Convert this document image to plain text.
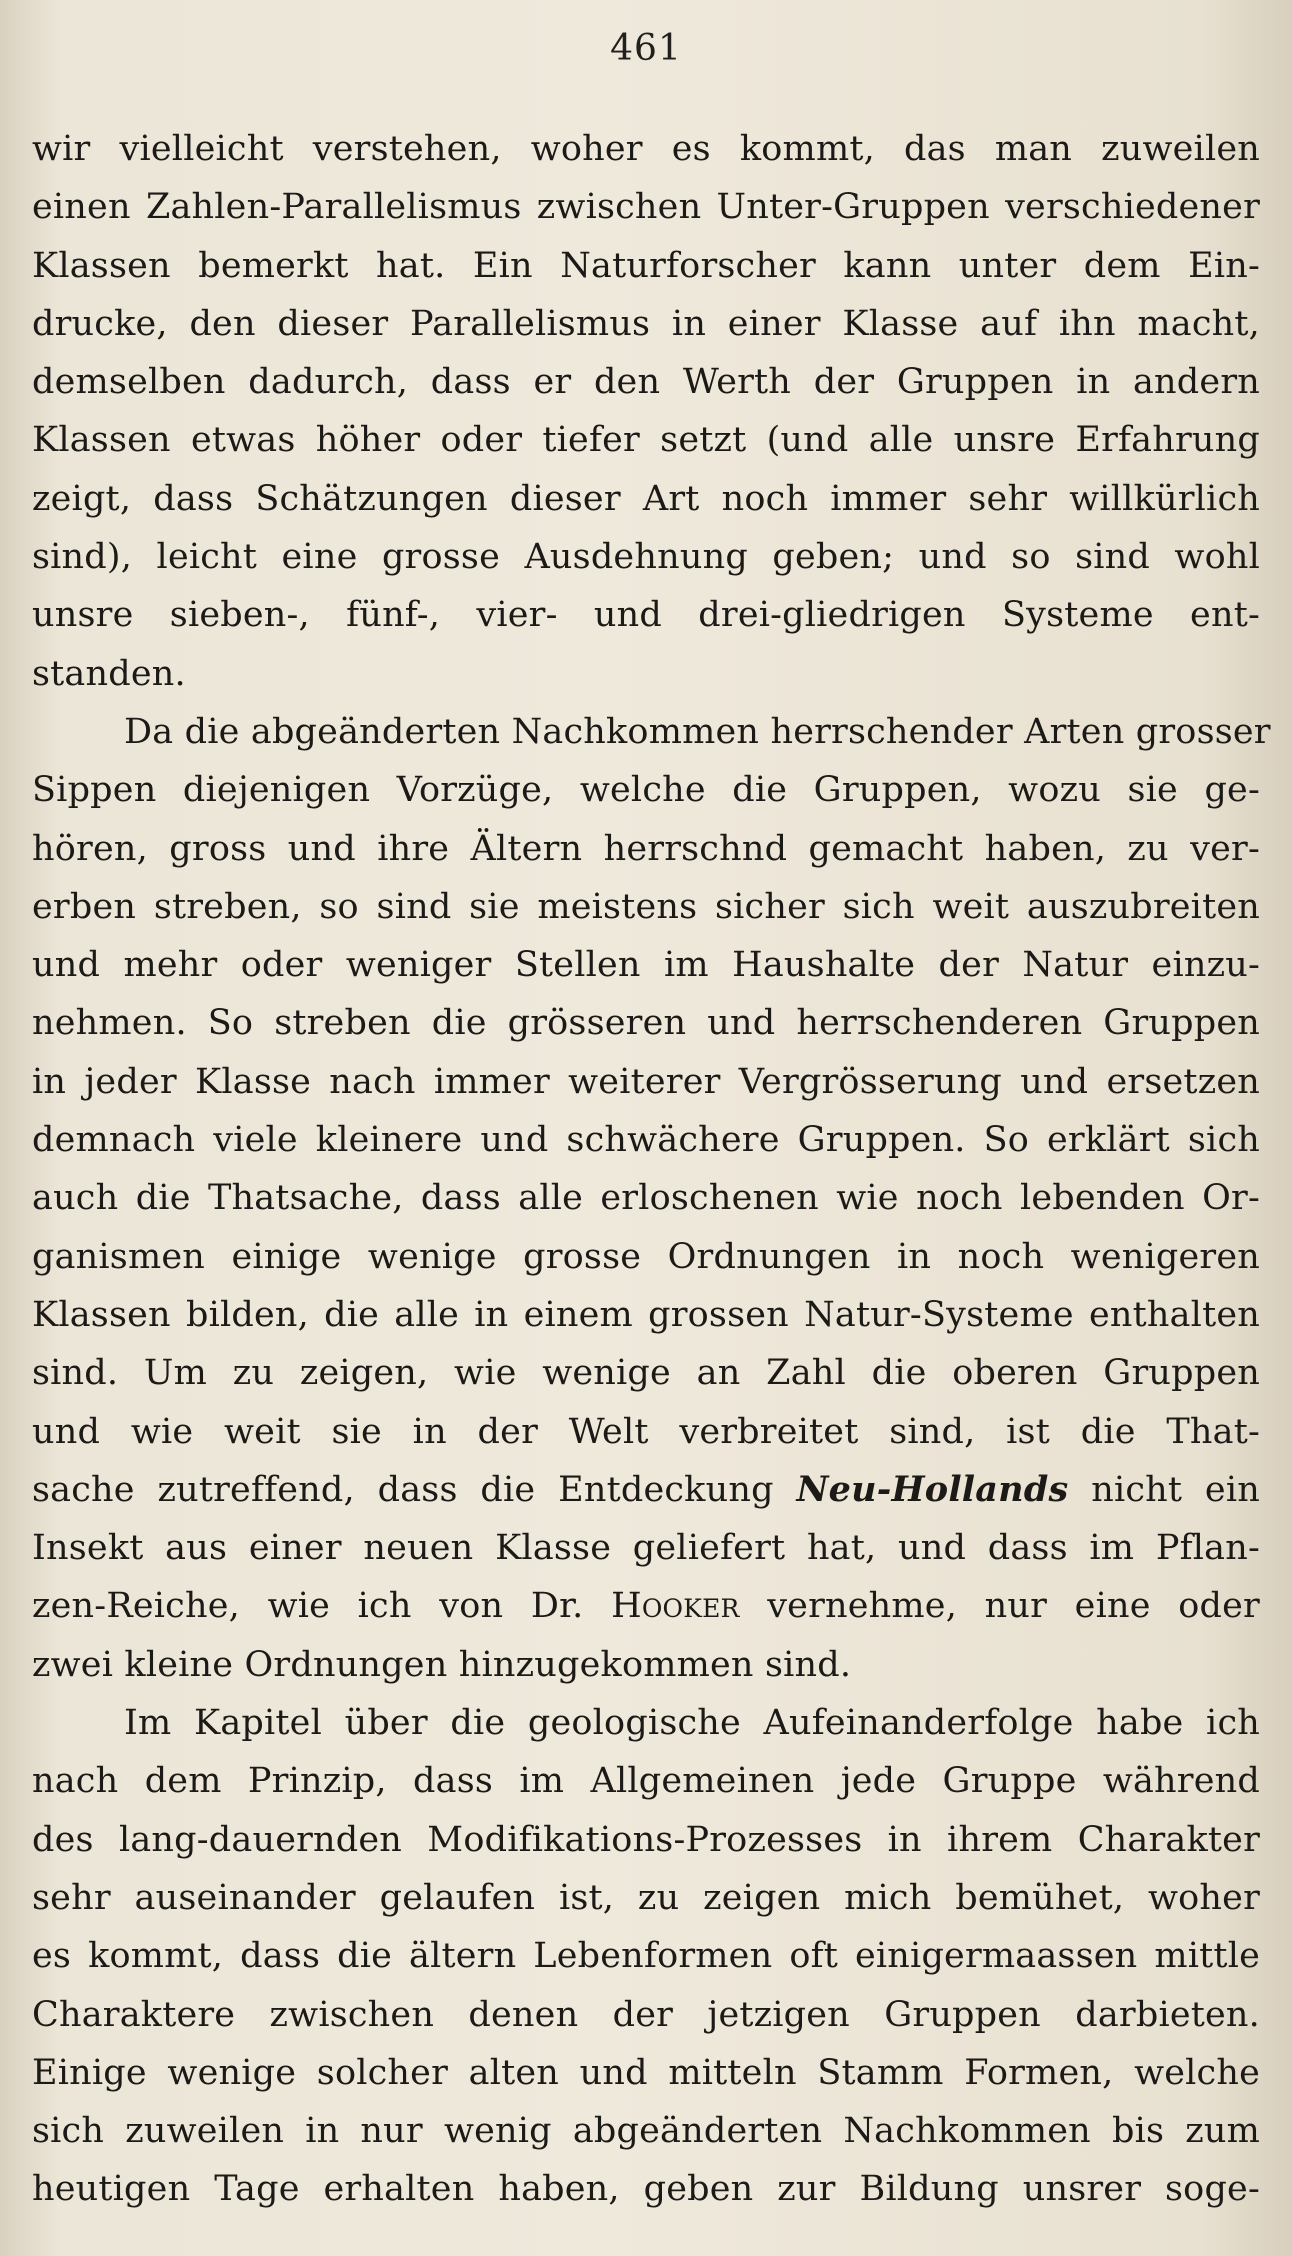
461
wir vielleicht verstehen, woher es kommt, das man zuweilen
einen Zahlen-Parallelismus zwischen Unter-Gruppen verschiedener
Klassen bemerkt hat. Ein Naturforscher kann unter dem Ein-
drucke, den dieser Parallelismus in einer Klasse auf ihn macht,
demselben dadurch, dass er den Werth der Gruppen in andern
Klassen etwas höher oder tiefer setzt (und alle unsre Erfahrung
zeigt, dass Schätzungen dieser Art noch immer sehr willkürlich
sind), leicht eine grosse Ausdehnung geben; und so sind wohl
unsre sieben-, fünf-, vier- und drei-gliedrigen Systeme ent-
standen.
Da die abgeänderten Nachkommen herrschender Arten grosser
Sippen diejenigen Vorzüge, welche die Gruppen, wozu sie ge-
hören, gross und ihre Ältern herrschnd gemacht haben, zu ver-
erben streben, so sind sie meistens sicher sich weit auszubreiten
und mehr oder weniger Stellen im Haushalte der Natur einzu-
nehmen. So streben die grösseren und herrschenderen Gruppen
in jeder Klasse nach immer weiterer Vergrösserung und ersetzen
demnach viele kleinere und schwächere Gruppen. So erklärt sich
auch die Thatsache, dass alle erloschenen wie noch lebenden Or-
ganismen einige wenige grosse Ordnungen in noch wenigeren
Klassen bilden, die alle in einem grossen Natur-Systeme enthalten
sind. Um zu zeigen, wie wenige an Zahl die oberen Gruppen
und wie weit sie in der Welt verbreitet sind, ist die That-
sache zutreffend, dass die Entdeckung Neu-Hollands nicht ein
Insekt aus einer neuen Klasse geliefert hat, und dass im Pflan-
zen-Reiche, wie ich von Dr. Hooker vernehme, nur eine oder
zwei kleine Ordnungen hinzugekommen sind.
Im Kapitel über die geologische Aufeinanderfolge habe ich
nach dem Prinzip, dass im Allgemeinen jede Gruppe während
des lang-dauernden Modifikations-Prozesses in ihrem Charakter
sehr auseinander gelaufen ist, zu zeigen mich bemühet, woher
es kommt, dass die ältern Lebenformen oft einigermaassen mittle
Charaktere zwischen denen der jetzigen Gruppen darbieten.
Einige wenige solcher alten und mitteln Stamm Formen, welche
sich zuweilen in nur wenig abgeänderten Nachkommen bis zum
heutigen Tage erhalten haben, geben zur Bildung unsrer soge-
